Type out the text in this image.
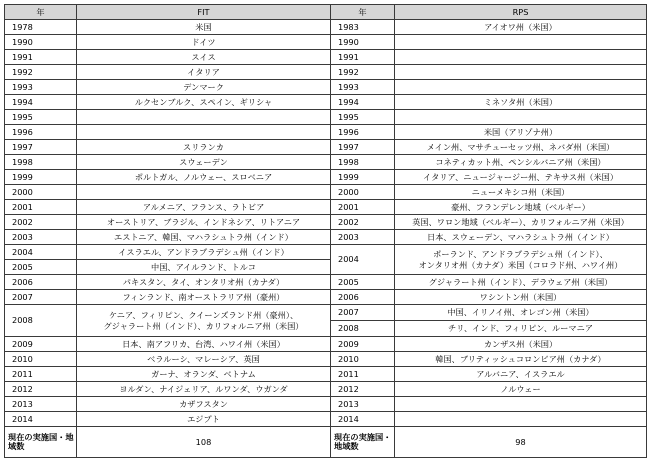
年	FIT	年	RPS
1978	米国	1983	アイオワ州（米国）
1990	ドイツ	1990	
1991	スイス	1991	
1992	イタリア	1992	
1993	デンマーク	1993	
1994	ルクセンブルク、スペイン、ギリシャ	1994	ミネソタ州（米国）
1995		1995	
1996		1996	米国（アリゾナ州）
1997	スリランカ	1997	メイン州、マサチューセッツ州、ネバダ州（米国）
1998	スウェーデン	1998	コネティカット州、ペンシルバニア州（米国）
1999	ポルトガル、ノルウェー、スロベニア	1999	イタリア、ニュージャージー州、テキサス州（米国）
2000		2000	ニューメキシコ州（米国）
2001	アルメニア、フランス、ラトビア	2001	豪州、フランデレン地域（ベルギー）
2002	オーストリア、ブラジル、インドネシア、リトアニア	2002	英国、ワロン地域（ベルギー）、カリフォルニア州（米国）
2003	エストニア、韓国、マハラシュトラ州（インド）	2003	日本、スウェーデン、マハラシュトラ州（インド）
2004	イスラエル、アンドラプラデシュ州（インド）	2004	ポーランド、アンドラプラデシュ州（インド）、
オンタリオ州（カナダ）米国（コロラド州、ハワイ州）
2005	中国、アイルランド、トルコ		
2006	パキスタン、タイ、オンタリオ州（カナダ）	2005	グジャラート州（インド）、デラウェア州（米国）
2007	フィンランド、南オーストラリア州（豪州）	2006	ワシントン州（米国）
2008	ケニア、フィリピン、クイーンズランド州（豪州）、
グジャラート州（インド）、カリフォルニア州（米国）	2007	中国、イリノイ州、オレゴン州（米国）
		2008	チリ、インド、フィリピン、ルーマニア
2009	日本、南アフリカ、台湾、ハワイ州（米国）	2009	カンザス州（米国）
2010	ベラルーシ、マレーシア、英国	2010	韓国、ブリティッシュコロンビア州（カナダ）
2011	ガーナ、オランダ、ベトナム	2011	アルバニア、イスラエル
2012	ヨルダン、ナイジェリア、ルワンダ、ウガンダ	2012	ノルウェー
2013	カザフスタン	2013	
2014	エジプト	2014	
現在の実施国・地域数	108	現在の実施国・地域数	98
